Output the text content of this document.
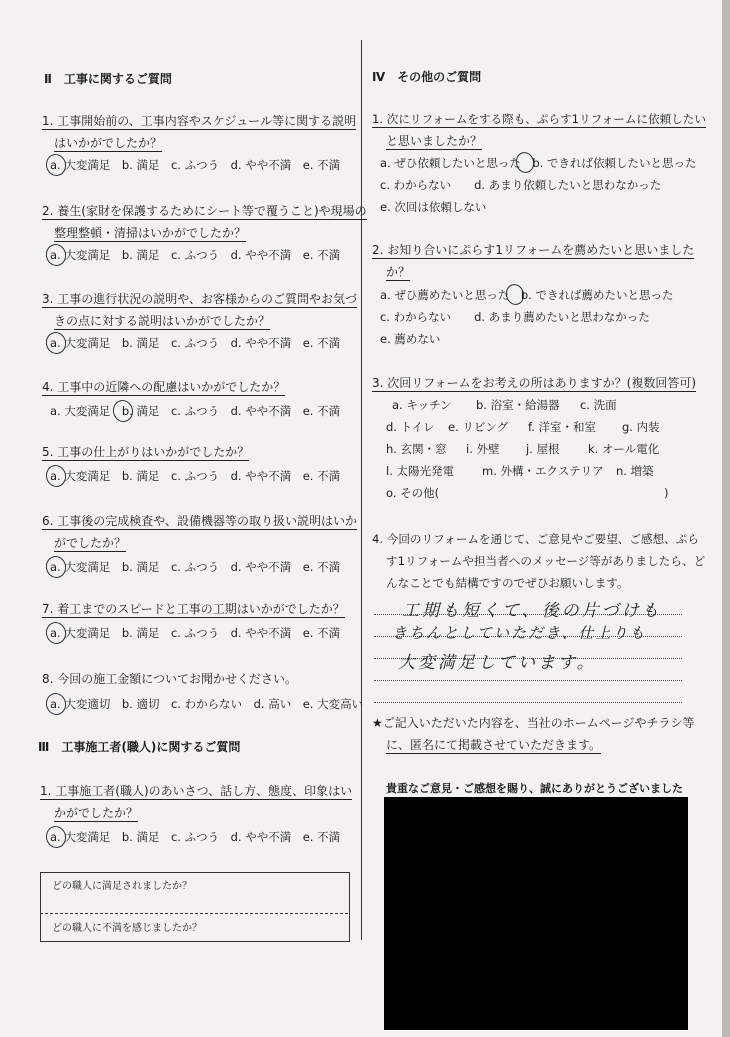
Ⅱ　工事に関するご質問
1. 工事開始前の、工事内容やスケジュール等に関する説明
はいかがでしたか？
a. 大変満足　b. 満足　c. ふつう　d. やや不満　e. 不満
2. 養生(家財を保護するためにシート等で覆うこと)や現場の
整理整頓・清掃はいかがでしたか？
a. 大変満足　b. 満足　c. ふつう　d. やや不満　e. 不満
3. 工事の進行状況の説明や、お客様からのご質問やお気づ
きの点に対する説明はいかがでしたか？
a. 大変満足　b. 満足　c. ふつう　d. やや不満　e. 不満
4. 工事中の近隣への配慮はいかがでしたか？
a. 大変満足　b. 満足　c. ふつう　d. やや不満　e. 不満
5. 工事の仕上がりはいかがでしたか？
a. 大変満足　b. 満足　c. ふつう　d. やや不満　e. 不満
6. 工事後の完成検査や、設備機器等の取り扱い説明はいか
がでしたか？
a. 大変満足　b. 満足　c. ふつう　d. やや不満　e. 不満
7. 着工までのスピードと工事の工期はいかがでしたか？
a. 大変満足　b. 満足　c. ふつう　d. やや不満　e. 不満
8. 今回の施工金額についてお聞かせください。
a. 大変適切　b. 適切　c. わからない　d. 高い　e. 大変高い
Ⅲ　工事施工者(職人)に関するご質問
1. 工事施工者(職人)のあいさつ、話し方、態度、印象はい
かがでしたか？
a. 大変満足　b. 満足　c. ふつう　d. やや不満　e. 不満
どの職人に満足されましたか？
どの職人に不満を感じましたか？
Ⅳ　その他のご質問
1. 次にリフォームをする際も、ぷらす1リフォームに依頼したい
と思いましたか？
a. ぜひ依頼したいと思った　b. できれば依頼したいと思った
c. わからない　　d. あまり依頼したいと思わなかった
e. 次回は依頼しない
2. お知り合いにぷらす1リフォームを薦めたいと思いました
か？
a. ぜひ薦めたいと思った　b. できれば薦めたいと思った
c. わからない　　d. あまり薦めたいと思わなかった
e. 薦めない
3. 次回リフォームをお考えの所はありますか？(複数回答可)
a. キッチン b. 浴室・給湯器 c. 洗面
d. トイレ e. リビング f. 洋室・和室 g. 内装
h. 玄関・窓 i. 外壁 j. 屋根 k. オール電化
l. 太陽光発電 m. 外構・エクステリア n. 増築
o. その他(	)
4. 今回のリフォームを通じて、ご意見やご要望、ご感想、ぷら
す1リフォームや担当者へのメッセージ等がありましたら、ど
んなことでも結構ですのでぜひお願いします。
工期も短くて、後の片づけも
きちんとしていただき、仕上りも
大変満足しています。
★ご記入いただいた内容を、当社のホームページやチラシ等
に、匿名にて掲載させていただきます。
貴重なご意見・ご感想を賜り、誠にありがとうございました
